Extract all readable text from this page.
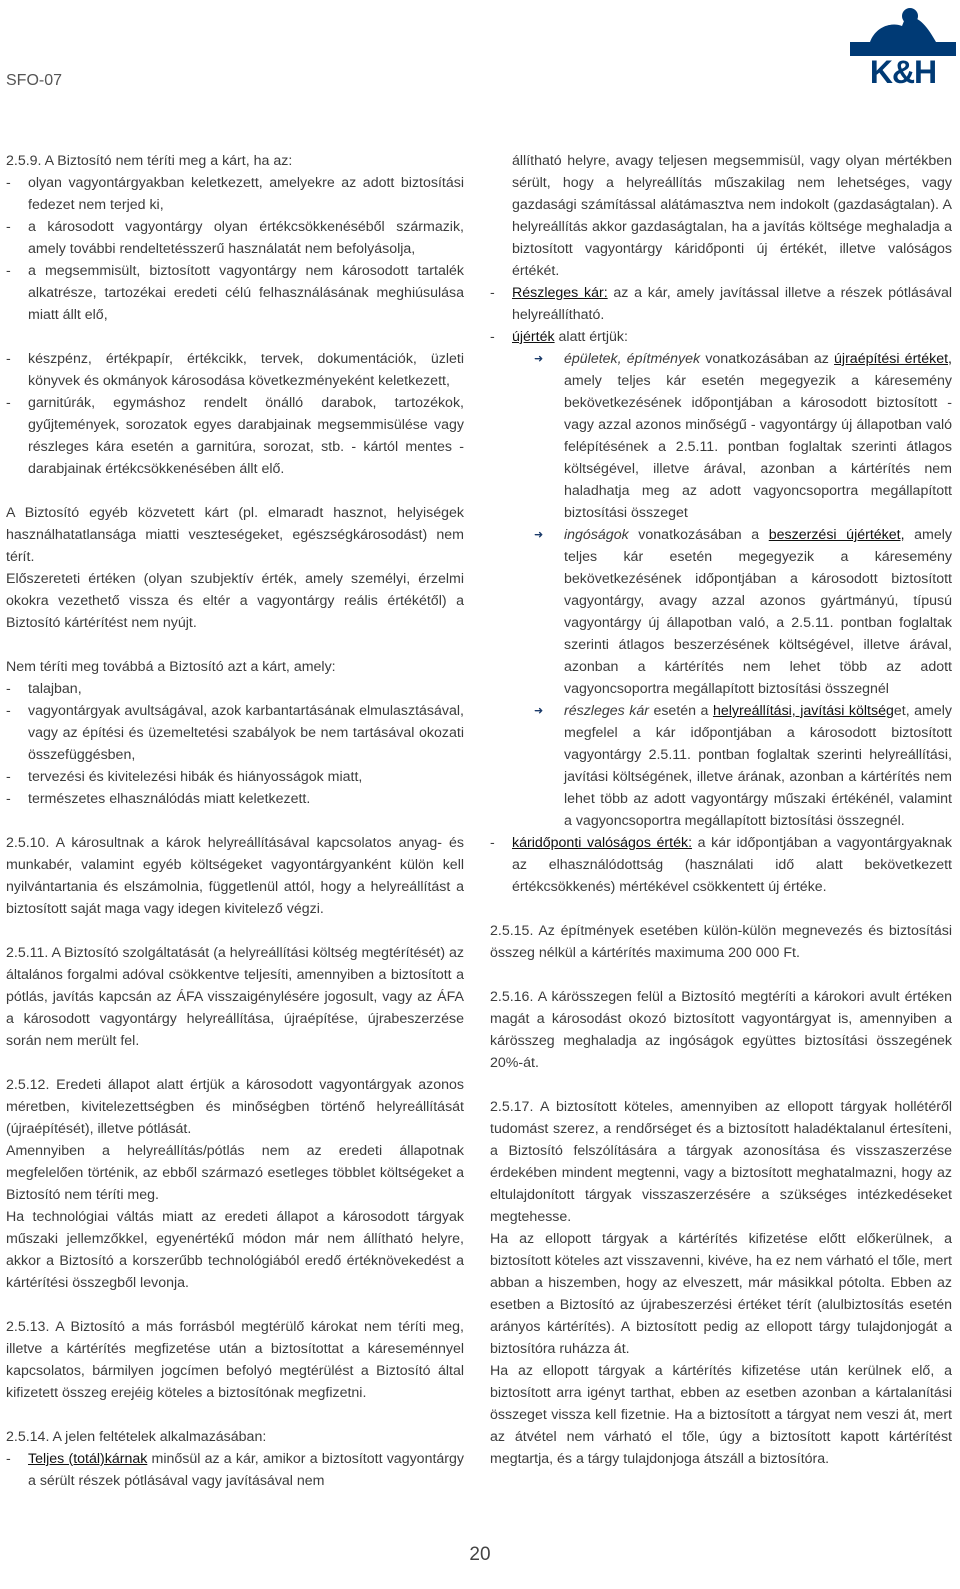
SFO-07	K&H

2.5.9. A Biztosító nem téríti meg a kárt, ha az:

- olyan vagyontárgyakban keletkezett, amelyekre az adott biztosítási fedezet nem terjed ki,
- a károsodott vagyontárgy olyan értékcsökkenéséből származik, amely további rendeltetésszerű használatát nem befolyásolja,
- a megsemmisült, biztosított vagyontárgy nem károsodott tartalék alkatrésze, tartozékai eredeti célú felhasználásának meghiúsulása miatt állt elő,
- készpénz, értékpapír, értékcikk, tervek, dokumentációk, üzleti könyvek és okmányok károsodása következményeként keletkezett,
- garnitúrák, egymáshoz rendelt önálló darabok, tartozékok, gyűjtemények, sorozatok egyes darabjainak megsemmisülése vagy részleges kára esetén a garnitúra, sorozat, stb. - kártól mentes - darabjainak értékcsökkenésében állt elő.

A Biztosító egyéb közvetett kárt (pl. elmaradt hasznot, helyiségek használhatatlansága miatti veszteségeket, egészségkárosodást) nem térít.

Előszereteti értéken (olyan szubjektív érték, amely személyi, érzelmi okokra vezethető vissza és eltér a vagyontárgy reális értékétől) a Biztosító kártérítést nem nyújt.

Nem téríti meg továbbá a Biztosító azt a kárt, amely:

- talajban,
- vagyontárgyak avultságával, azok karbantartásának elmulasztásával, vagy az építési és üzemeltetési szabályok be nem tartásával okozati összefüggésben,
- tervezési és kivitelezési hibák és hiányosságok miatt,
- természetes elhasználódás miatt keletkezett.

2.5.10. A károsultnak a károk helyreállításával kapcsolatos anyag- és munkabér, valamint egyéb költségeket vagyontárgyanként külön kell nyilvántartania és elszámolnia, függetlenül attól, hogy a helyreállítást a biztosított saját maga vagy idegen kivitelező végzi.

2.5.11. A Biztosító szolgáltatását (a helyreállítási költség megtérítését) az általános forgalmi adóval csökkentve teljesíti, amennyiben a biztosított a pótlás, javítás kapcsán az ÁFA visszaigénylésére jogosult, vagy az ÁFA a károsodott vagyontárgy helyreállítása, újraépítése, újrabeszerzése során nem merült fel.

2.5.12. Eredeti állapot alatt értjük a károsodott vagyontárgyak azonos méretben, kivitelezettségben és minőségben történő helyreállítását (újraépítését), illetve pótlását.

Amennyiben a helyreállítás/pótlás nem az eredeti állapotnak megfelelően történik, az ebből származó esetleges többlet költségeket a Biztosító nem téríti meg.

Ha technológiai váltás miatt az eredeti állapot a károsodott tárgyak műszaki jellemzőkkel, egyenértékű módon már nem állítható helyre, akkor a Biztosító a korszerűbb technológiából eredő értéknövekedést a kártérítési összegből levonja.

2.5.13. A Biztosító a más forrásból megtérülő károkat nem téríti meg, illetve a kártérítés megfizetése után a biztosítottat a káreseménnyel kapcsolatos, bármilyen jogcímen befolyó megtérülést a Biztosító által kifizetett összeg erejéig köteles a biztosítónak megfizetni.

2.5.14. A jelen feltételek alkalmazásában:

- Teljes (totál)kárnak minősül az a kár, amikor a biztosított vagyontárgy a sérült részek pótlásával vagy javításával nem
állítható helyre, avagy teljesen megsemmisül, vagy olyan mértékben sérült, hogy a helyreállítás műszakilag nem lehetséges, vagy gazdasági számítással alátámasztva nem indokolt (gazdaságtalan). A helyreállítás akkor gazdaságtalan, ha a javítás költsége meghaladja a biztosított vagyontárgy káridőponti új értékét, illetve valóságos értékét.
- Részleges kár: az a kár, amely javítással illetve a részek pótlásával helyreállítható.
- újérték alatt értjük:
➜ épületek, építmények vonatkozásában az újraépítési értéket, amely teljes kár esetén megegyezik a káresemény bekövetkezésének időpontjában a károsodott biztosított - vagy azzal azonos minőségű - vagyontárgy új állapotban való felépítésének a 2.5.11. pontban foglaltak szerinti átlagos költségével, illetve árával, azonban a kártérítés nem haladhatja meg az adott vagyoncsoportra megállapított biztosítási összeget
➜ ingóságok vonatkozásában a beszerzési újértéket, amely teljes kár esetén megegyezik a káresemény bekövetkezésének időpontjában a károsodott biztosított vagyontárgy, avagy azzal azonos gyártmányú, típusú vagyontárgy új állapotban való, a 2.5.11. pontban foglaltak szerinti átlagos beszerzésének költségével, illetve árával, azonban a kártérítés nem lehet több az adott vagyoncsoportra megállapított biztosítási összegnél
➜ részleges kár esetén a helyreállítási, javítási költséget, amely megfelel a kár időpontjában a károsodott biztosított vagyontárgy 2.5.11. pontban foglaltak szerinti helyreállítási, javítási költségének, illetve árának, azonban a kártérítés nem lehet több az adott vagyontárgy műszaki értékénél, valamint a vagyoncsoportra megállapított biztosítási összegnél.
- káridőponti valóságos érték: a kár időpontjában a vagyontárgyaknak az elhasználódottság (használati idő alatt bekövetkezett értékcsökkenés) mértékével csökkentett új értéke.

2.5.15. Az építmények esetében külön-külön megnevezés és biztosítási összeg nélkül a kártérítés maximuma 200 000 Ft.

2.5.16. A kárösszegen felül a Biztosító megtéríti a károkori avult értéken magát a károsodást okozó biztosított vagyontárgyat is, amennyiben a kárösszeg meghaladja az ingóságok együttes biztosítási összegének 20%-át.

2.5.17. A biztosított köteles, amennyiben az ellopott tárgyak hollétéről tudomást szerez, a rendőrséget és a biztosított haladéktalanul értesíteni, a Biztosító felszólítására a tárgyak azonosítása és visszaszerzése érdekében mindent megtenni, vagy a biztosított meghatalmazni, hogy az eltulajdonított tárgyak visszaszerzésére a szükséges intézkedéseket megtehesse.

Ha az ellopott tárgyak a kártérítés kifizetése előtt előkerülnek, a biztosított köteles azt visszavenni, kivéve, ha ez nem várható el tőle, mert abban a hiszemben, hogy az elveszett, már másikkal pótolta. Ebben az esetben a Biztosító az újrabeszerzési értéket térít (alulbiztosítás esetén arányos kártérítés). A biztosított pedig az ellopott tárgy tulajdonjogát a biztosítóra ruházza át.

Ha az ellopott tárgyak a kártérítés kifizetése után kerülnek elő, a biztosított arra igényt tarthat, ebben az esetben azonban a kártalanítási összeget vissza kell fizetnie. Ha a biztosított a tárgyat nem veszi át, mert az átvétel nem várható el tőle, úgy a biztosított kapott kártérítést megtartja, és a tárgy tulajdonjoga átszáll a biztosítóra.

20
